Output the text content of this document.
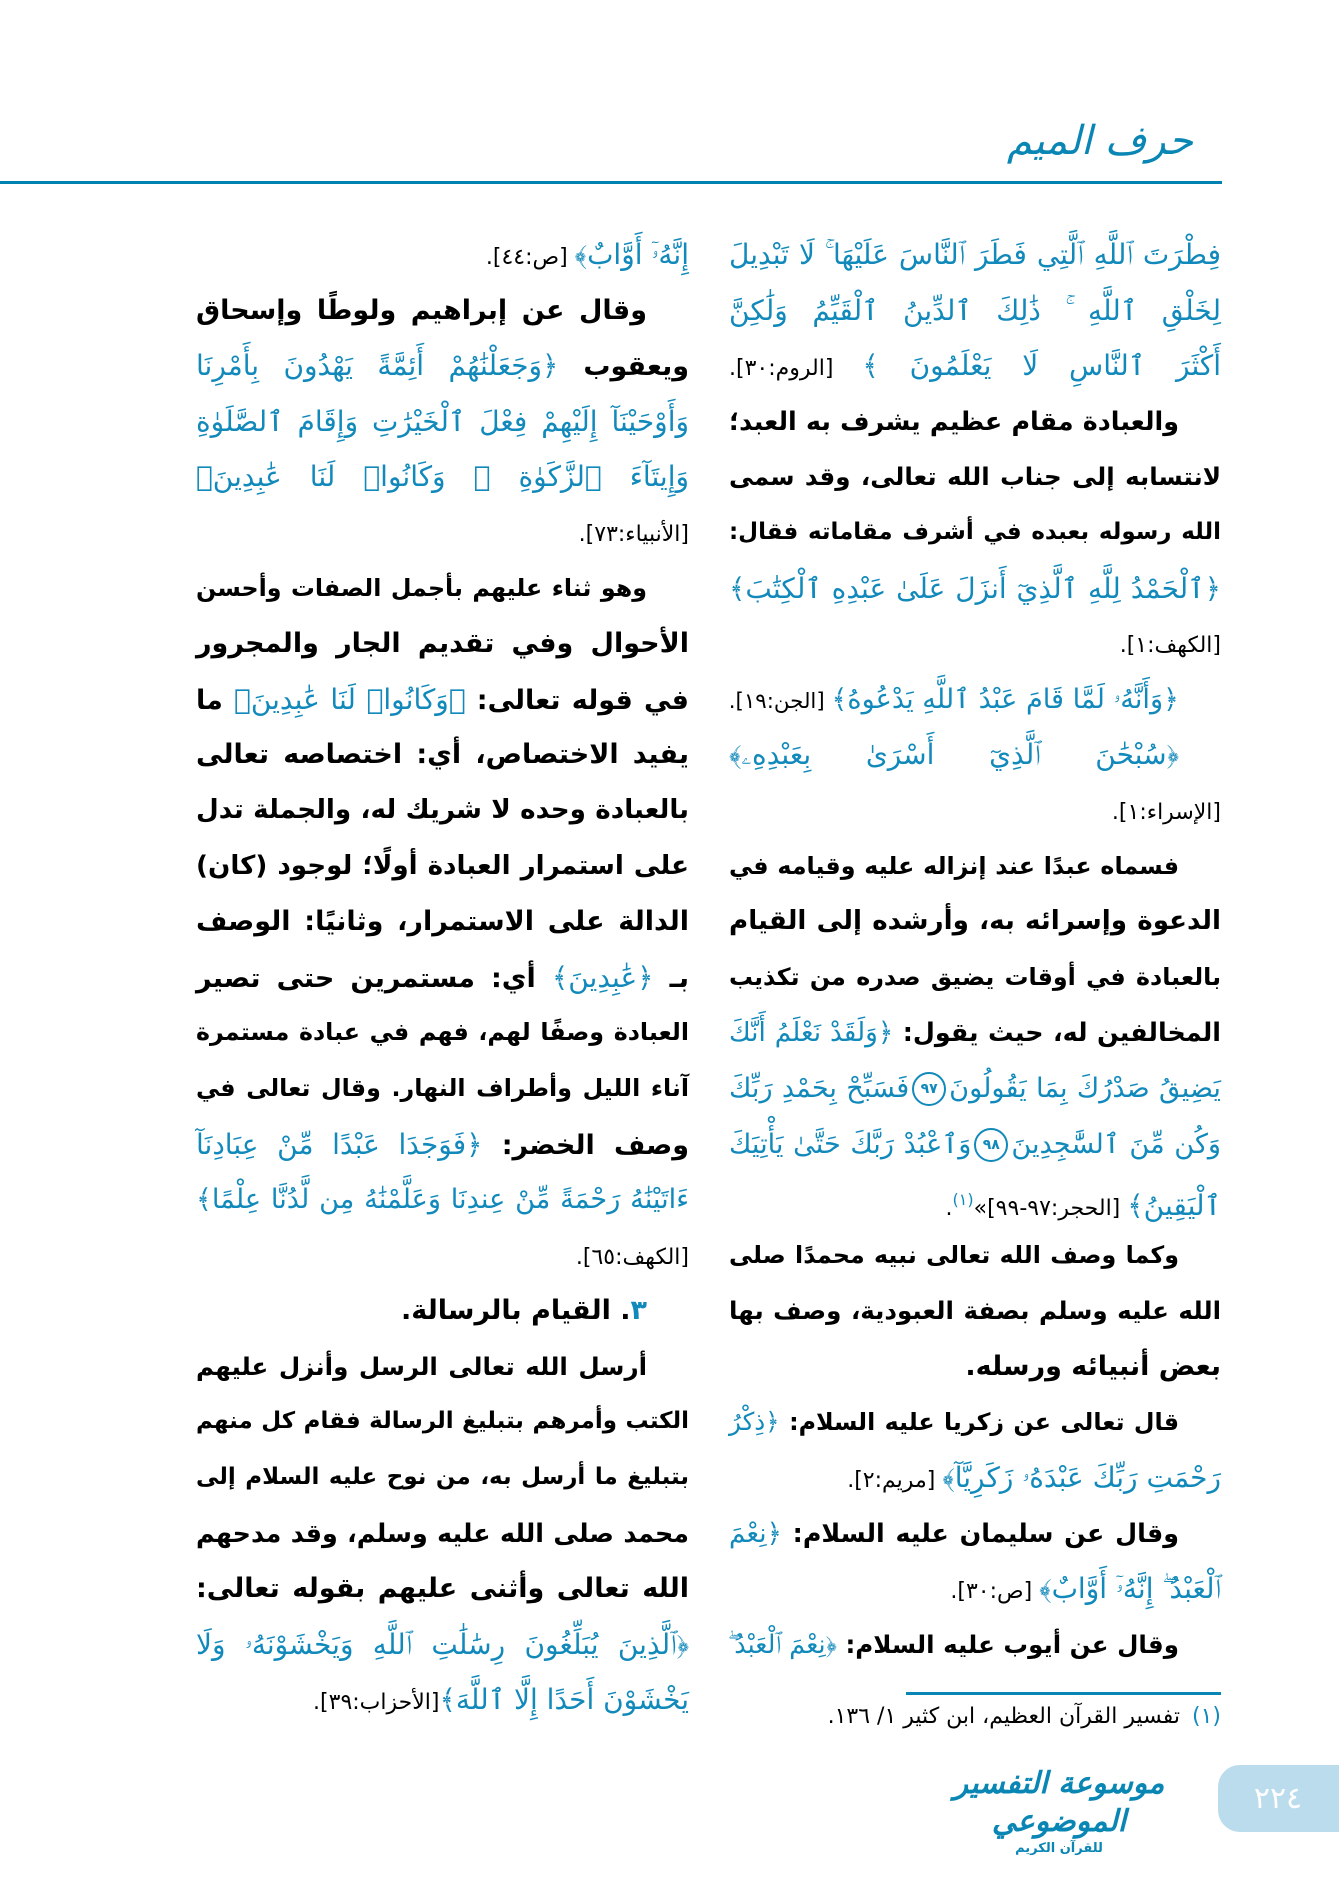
حرف الميم
فِطْرَتَ ٱللَّهِ ٱلَّتِي فَطَرَ ٱلنَّاسَ عَلَيْهَا ۚ لَا تَبْدِيلَ
لِخَلْقِ ٱللَّهِ ۚ ذَٰلِكَ ٱلدِّينُ ٱلْقَيِّمُ وَلَٰكِنَّ
أَكْثَرَ ٱلنَّاسِ لَا يَعْلَمُونَ ﴾ [الروم:٣٠].
والعبادة مقام عظيم يشرف به العبد؛
لانتسابه إلى جناب الله تعالى، وقد سمى
الله رسوله بعبده في أشرف مقاماته فقال:
﴿ٱلْحَمْدُ لِلَّهِ ٱلَّذِيٓ أَنزَلَ عَلَىٰ عَبْدِهِ ٱلْكِتَٰبَ﴾
[الكهف:١].
﴿وَأَنَّهُۥ لَمَّا قَامَ عَبْدُ ٱللَّهِ يَدْعُوهُ﴾ [الجن:١٩].
﴿سُبْحَٰنَ ٱلَّذِيٓ أَسْرَىٰ بِعَبْدِهِۦ﴾
[الإسراء:١].
فسماه عبدًا عند إنزاله عليه وقيامه في
الدعوة وإسرائه به، وأرشده إلى القيام
بالعبادة في أوقات يضيق صدره من تكذيب
المخالفين له، حيث يقول: ﴿وَلَقَدْ نَعْلَمُ أَنَّكَ
يَضِيقُ صَدْرُكَ بِمَا يَقُولُونَ٩٧فَسَبِّحْ بِحَمْدِ رَبِّكَ
وَكُن مِّنَ ٱلسَّٰجِدِينَ٩٨وَٱعْبُدْ رَبَّكَ حَتَّىٰ يَأْتِيَكَ
ٱلْيَقِينُ﴾ [الحجر:٩٧-٩٩]»$^{(١)}$.
وكما وصف الله تعالى نبيه محمدًا صلى
الله عليه وسلم بصفة العبودية، وصف بها
بعض أنبيائه ورسله.
قال تعالى عن زكريا عليه السلام: ﴿ذِكْرُ
رَحْمَتِ رَبِّكَ عَبْدَهُۥ زَكَرِيَّآ﴾ [مريم:٢].
وقال عن سليمان عليه السلام: ﴿نِعْمَ
ٱلْعَبْدُ ۖ إِنَّهُۥٓ أَوَّابٌ﴾ [ص:٣٠].
وقال عن أيوب عليه السلام: ﴿نِعْمَ ٱلْعَبْدُ ۖ
إِنَّهُۥٓ أَوَّابٌ﴾ [ص:٤٤].
وقال عن إبراهيم ولوطًا وإسحاق
ويعقوب ﴿وَجَعَلْنَٰهُمْ أَئِمَّةً يَهْدُونَ بِأَمْرِنَا
وَأَوْحَيْنَآ إِلَيْهِمْ فِعْلَ ٱلْخَيْرَٰتِ وَإِقَامَ ٱلصَّلَوٰةِ
وَإِيتَآءَ ٱلزَّكَوٰةِ ۖ وَكَانُوا۟ لَنَا عَٰبِدِينَ﴾
[الأنبياء:٧٣].
وهو ثناء عليهم بأجمل الصفات وأحسن
الأحوال وفي تقديم الجار والمجرور
في قوله تعالى: ﴿وَكَانُوا۟ لَنَا عَٰبِدِينَ﴾ ما
يفيد الاختصاص، أي: اختصاصه تعالى
بالعبادة وحده لا شريك له، والجملة تدل
على استمرار العبادة أولًا؛ لوجود (كان)
الدالة على الاستمرار، وثانيًا: الوصف
بـ ﴿عَٰبِدِينَ﴾ أي: مستمرين حتى تصير
العبادة وصفًا لهم، فهم في عبادة مستمرة
آناء الليل وأطراف النهار. وقال تعالى في
وصف الخضر: ﴿فَوَجَدَا عَبْدًا مِّنْ عِبَادِنَآ
ءَاتَيْنَٰهُ رَحْمَةً مِّنْ عِندِنَا وَعَلَّمْنَٰهُ مِن لَّدُنَّا عِلْمًا﴾
[الكهف:٦٥].
٣. القيام بالرسالة.
أرسل الله تعالى الرسل وأنزل عليهم
الكتب وأمرهم بتبليغ الرسالة فقام كل منهم
بتبليغ ما أرسل به، من نوح عليه السلام إلى
محمد صلى الله عليه وسلم، وقد مدحهم
الله تعالى وأثنى عليهم بقوله تعالى:
﴿ٱلَّذِينَ يُبَلِّغُونَ رِسَٰلَٰتِ ٱللَّهِ وَيَخْشَوْنَهُۥ وَلَا
يَخْشَوْنَ أَحَدًا إِلَّا ٱللَّهَ﴾[الأحزاب:٣٩].
(١)تفسير القرآن العظيم، ابن كثير ١/ ١٣٦.
موسوعة التفسير الموضوعي
للقرآن الكريم
٢٢٤
